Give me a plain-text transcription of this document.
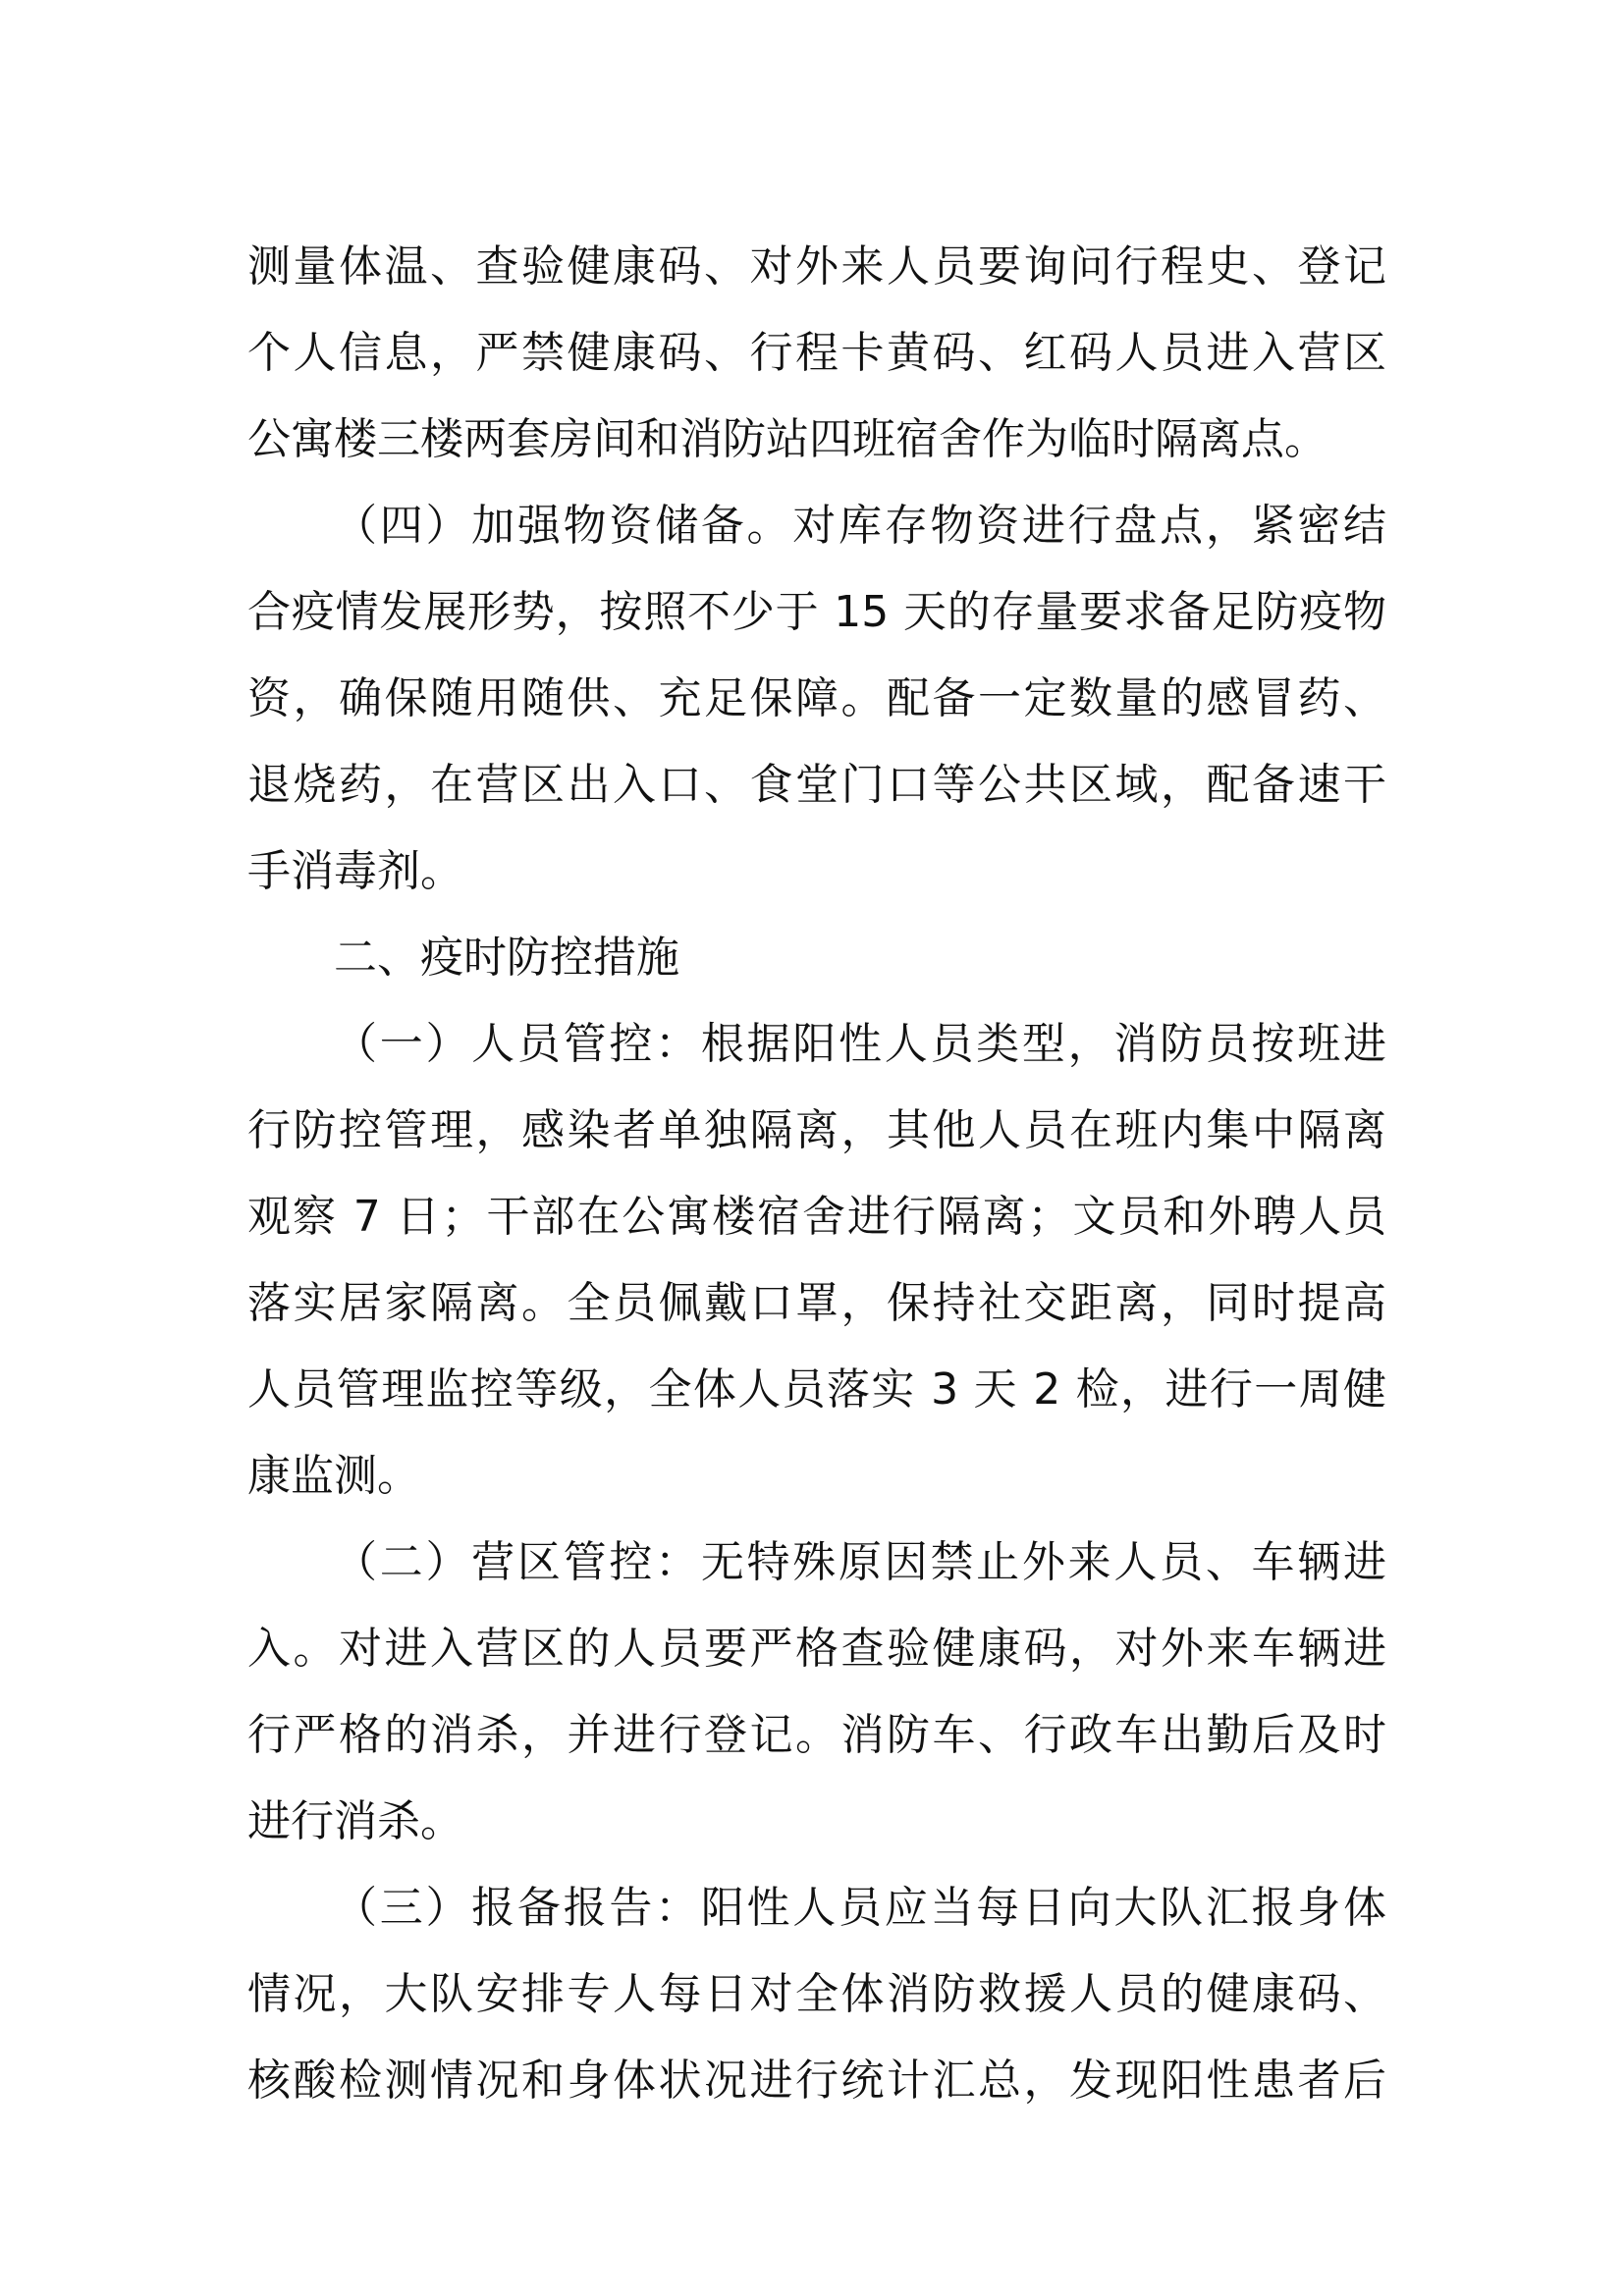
测量体温、查验健康码、对外来人员要询问行程史、登记
个人信息，严禁健康码、行程卡黄码、红码人员进入营区
公寓楼三楼两套房间和消防站四班宿舍作为临时隔离点。
（四）加强物资储备。对库存物资进行盘点，紧密结
合疫情发展形势，按照不少于 15 天的存量要求备足防疫物
资，确保随用随供、充足保障。配备一定数量的感冒药、
退烧药，在营区出入口、食堂门口等公共区域，配备速干
手消毒剂。
二、疫时防控措施
（一）人员管控：根据阳性人员类型，消防员按班进
行防控管理，感染者单独隔离，其他人员在班内集中隔离
观察 7 日；干部在公寓楼宿舍进行隔离；文员和外聘人员
落实居家隔离。全员佩戴口罩，保持社交距离，同时提高
人员管理监控等级，全体人员落实 3 天 2 检，进行一周健
康监测。
（二）营区管控：无特殊原因禁止外来人员、车辆进
入。对进入营区的人员要严格查验健康码，对外来车辆进
行严格的消杀，并进行登记。消防车、行政车出勤后及时
进行消杀。
（三）报备报告：阳性人员应当每日向大队汇报身体
情况，大队安排专人每日对全体消防救援人员的健康码、
核酸检测情况和身体状况进行统计汇总，发现阳性患者后
